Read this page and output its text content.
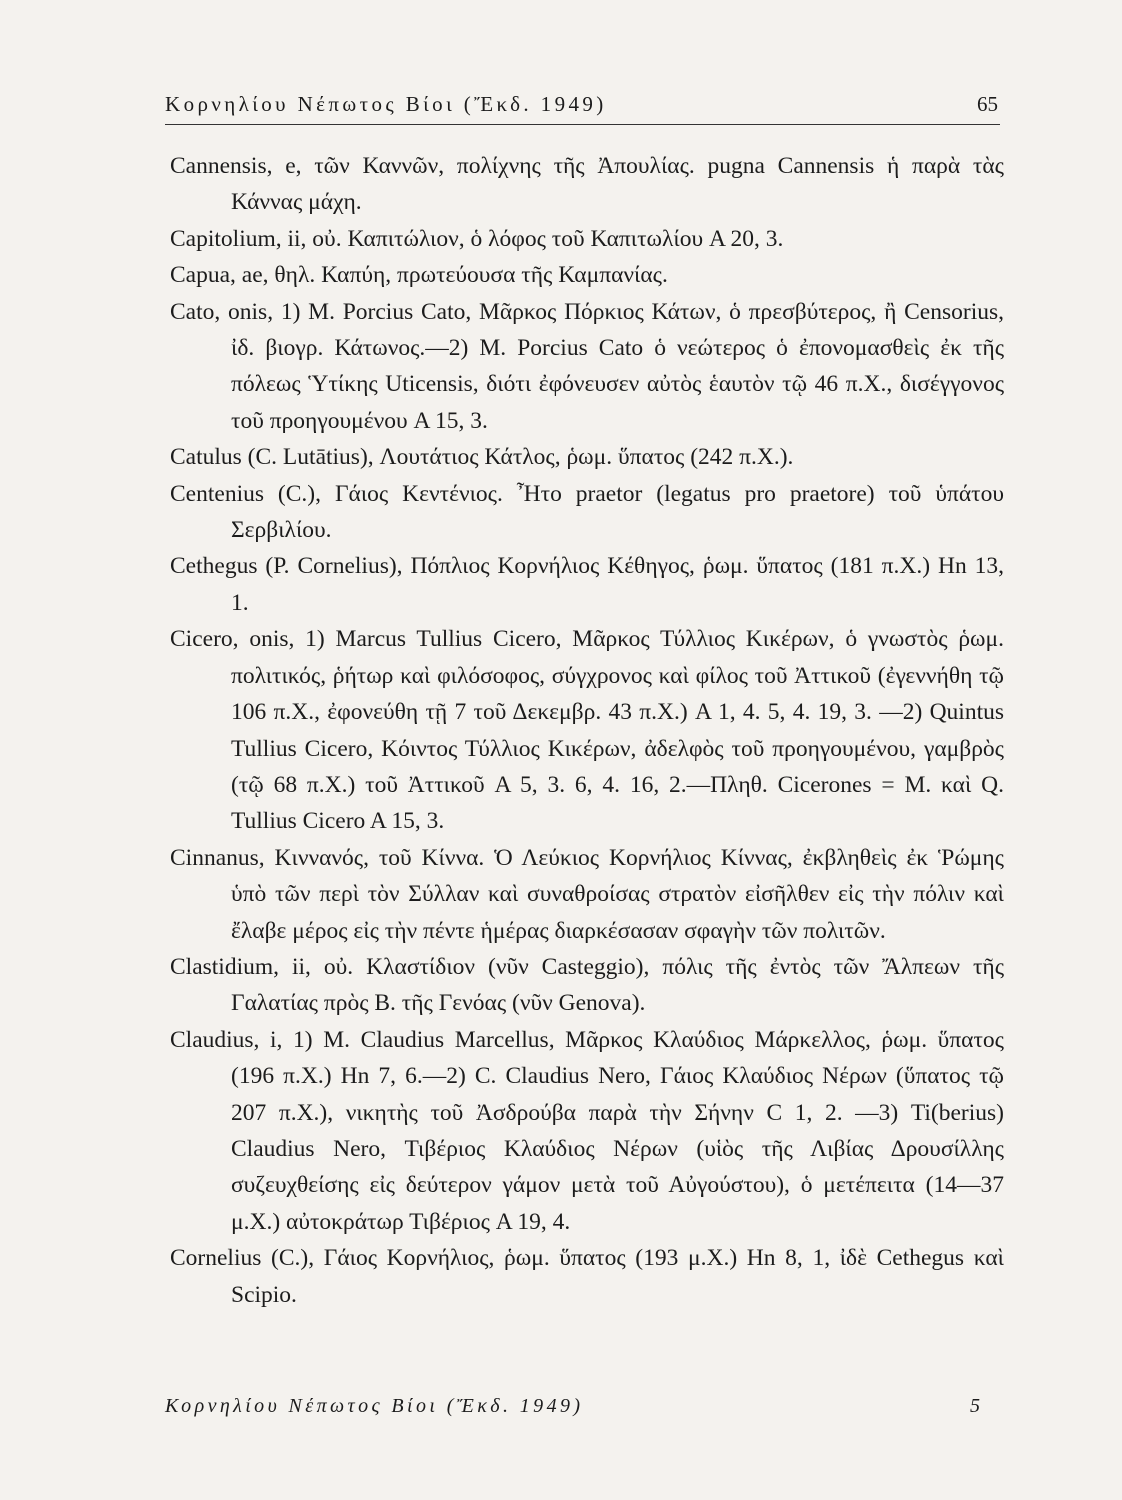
Κορνηλίου Νέπωτος Βίοι (Ἔκδ. 1949)	65

Cannensis, e, τῶν Καννῶν, πολίχνης τῆς Ἀπουλίας. pugna Cannensis ἡ παρὰ τὰς Κάννας μάχη.

Capitolium, ii, οὐ. Καπιτώλιον, ὁ λόφος τοῦ Καπιτωλίου A 20, 3.

Capua, ae, θηλ. Καπύη, πρωτεύουσα τῆς Καμπανίας.

Cato, onis, 1) M. Porcius Cato, Μᾶρκος Πόρκιος Κάτων, ὁ πρεσβύτερος, ἢ Censorius, ἰδ. βιογρ. Κάτωνος.—2) M. Porcius Cato ὁ νεώτερος ὁ ἐπονομασθεὶς ἐκ τῆς πόλεως Ὑτίκης Uticensis, διότι ἐφόνευσεν αὐτὸς ἑαυτὸν τῷ 46 π.Χ., δισέγγονος τοῦ προηγουμένου A 15, 3.

Catulus (C. Lutātius), Λουτάτιος Κάτλος, ῥωμ. ὕπατος (242 π.Χ.).

Centenius (C.), Γάιος Κεντένιος. Ἦτο praetor (legatus pro praetore) τοῦ ὑπάτου Σερβιλίου.

Cethegus (P. Cornelius), Πόπλιος Κορνήλιος Κέθηγος, ῥωμ. ὕπατος (181 π.Χ.) Hn 13, 1.

Cicero, onis, 1) Marcus Tullius Cicero, Μᾶρκος Τύλλιος Κικέρων, ὁ γνωστὸς ῥωμ. πολιτικός, ῥήτωρ καὶ φιλόσοφος, σύγχρονος καὶ φίλος τοῦ Ἀττικοῦ (ἐγεννήθη τῷ 106 π.Χ., ἐφονεύθη τῇ 7 τοῦ Δεκεμβρ. 43 π.Χ.) A 1, 4. 5, 4. 19, 3. —2) Quintus Tullius Cicero, Κόιντος Τύλλιος Κικέρων, ἀδελφὸς τοῦ προηγουμένου, γαμβρὸς (τῷ 68 π.Χ.) τοῦ Ἀττικοῦ A 5, 3. 6, 4. 16, 2.—Πληθ. Cicerones = M. καὶ Q. Tullius Cicero A 15, 3.

Cinnanus, Κιννανός, τοῦ Κίννα. Ὁ Λεύκιος Κορνήλιος Κίννας, ἐκβληθεὶς ἐκ Ῥώμης ὑπὸ τῶν περὶ τὸν Σύλλαν καὶ συναθροίσας στρατὸν εἰσῆλθεν εἰς τὴν πόλιν καὶ ἔλαβε μέρος εἰς τὴν πέντε ἡμέρας διαρκέσασαν σφαγὴν τῶν πολιτῶν.

Clastidium, ii, οὐ. Κλαστίδιον (νῦν Casteggio), πόλις τῆς ἐντὸς τῶν Ἄλπεων τῆς Γαλατίας πρὸς Β. τῆς Γενόας (νῦν Genova).

Claudius, i, 1) M. Claudius Marcellus, Μᾶρκος Κλαύδιος Μάρκελλος, ῥωμ. ὕπατος (196 π.Χ.) Hn 7, 6.—2) C. Claudius Nero, Γάιος Κλαύδιος Νέρων (ὕπατος τῷ 207 π.Χ.), νικητὴς τοῦ Ἀσδρούβα παρὰ τὴν Σήνην C 1, 2. —3) Ti(berius) Claudius Nero, Τιβέριος Κλαύδιος Νέρων (υἱὸς τῆς Λιβίας Δρουσίλλης συζευχθείσης εἰς δεύτερον γάμον μετὰ τοῦ Αὐγούστου), ὁ μετέπειτα (14—37 μ.Χ.) αὐτοκράτωρ Τιβέριος A 19, 4.

Cornelius (C.), Γάιος Κορνήλιος, ῥωμ. ὕπατος (193 μ.Χ.) Hn 8, 1, ἰδὲ Cethegus καὶ Scipio.

Κορνηλίου Νέπωτος Βίοι (Ἔκδ. 1949)	5
